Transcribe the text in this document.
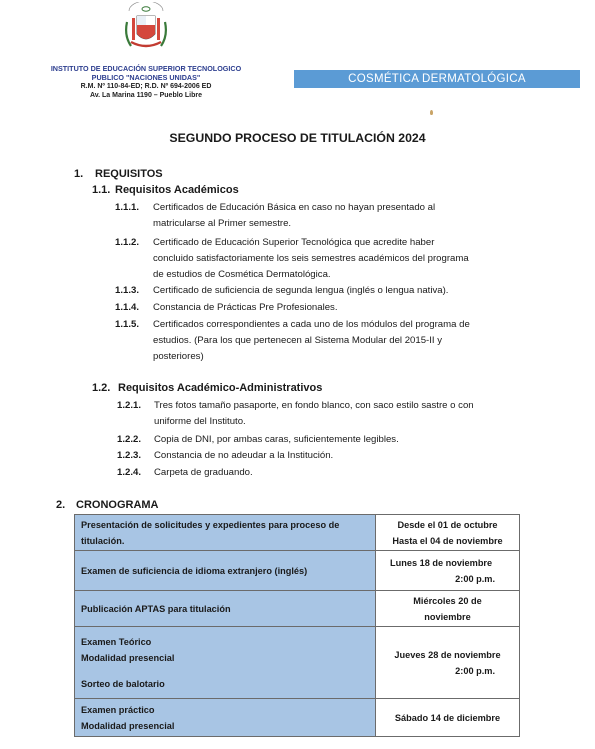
INSTITUTO DE EDUCACIÓN SUPERIOR TECNOLOGICO
PUBLICO "NACIONES UNIDAS"
R.M. Nº 110-84-ED; R.D. Nº 694-2006 ED
Av. La Marina 1190 – Pueblo Libre
COSMÉTICA DERMATOLÓGICA
SEGUNDO PROCESO DE TITULACIÓN 2024
1. REQUISITOS
1.1. Requisitos Académicos
1.1.1. Certificados de Educación Básica en caso no hayan presentado al
matricularse al Primer semestre.
1.1.2. Certificado de Educación Superior Tecnológica que acredite haber
concluido satisfactoriamente los seis semestres académicos del programa
de estudios de Cosmética Dermatológica.
1.1.3. Certificado de suficiencia de segunda lengua (inglés o lengua nativa).
1.1.4. Constancia de Prácticas Pre Profesionales.
1.1.5. Certificados correspondientes a cada uno de los módulos del programa de
estudios. (Para los que pertenecen al Sistema Modular del 2015-II y
posteriores)
1.2. Requisitos Académico-Administrativos
1.2.1. Tres fotos tamaño pasaporte, en fondo blanco, con saco estilo sastre o con
uniforme del Instituto.
1.2.2. Copia de DNI, por ambas caras, suficientemente legibles.
1.2.3. Constancia de no adeudar a la Institución.
1.2.4. Carpeta de graduando.
2. CRONOGRAMA
Presentación de solicitudes y expedientes para proceso de
titulación.	Desde el 01 de octubre
Hasta el 04 de noviembre

Examen de suficiencia de idioma extranjero (inglés)	Lunes 18 de noviembre
2:00 p.m.

Publicación APTAS para titulación	Miércoles 20 de
noviembre

Examen Teórico
Modalidad presencial
Sorteo de balotario	Jueves 28 de noviembre
2:00 p.m.

Examen práctico
Modalidad presencial	Sábado 14 de diciembre
